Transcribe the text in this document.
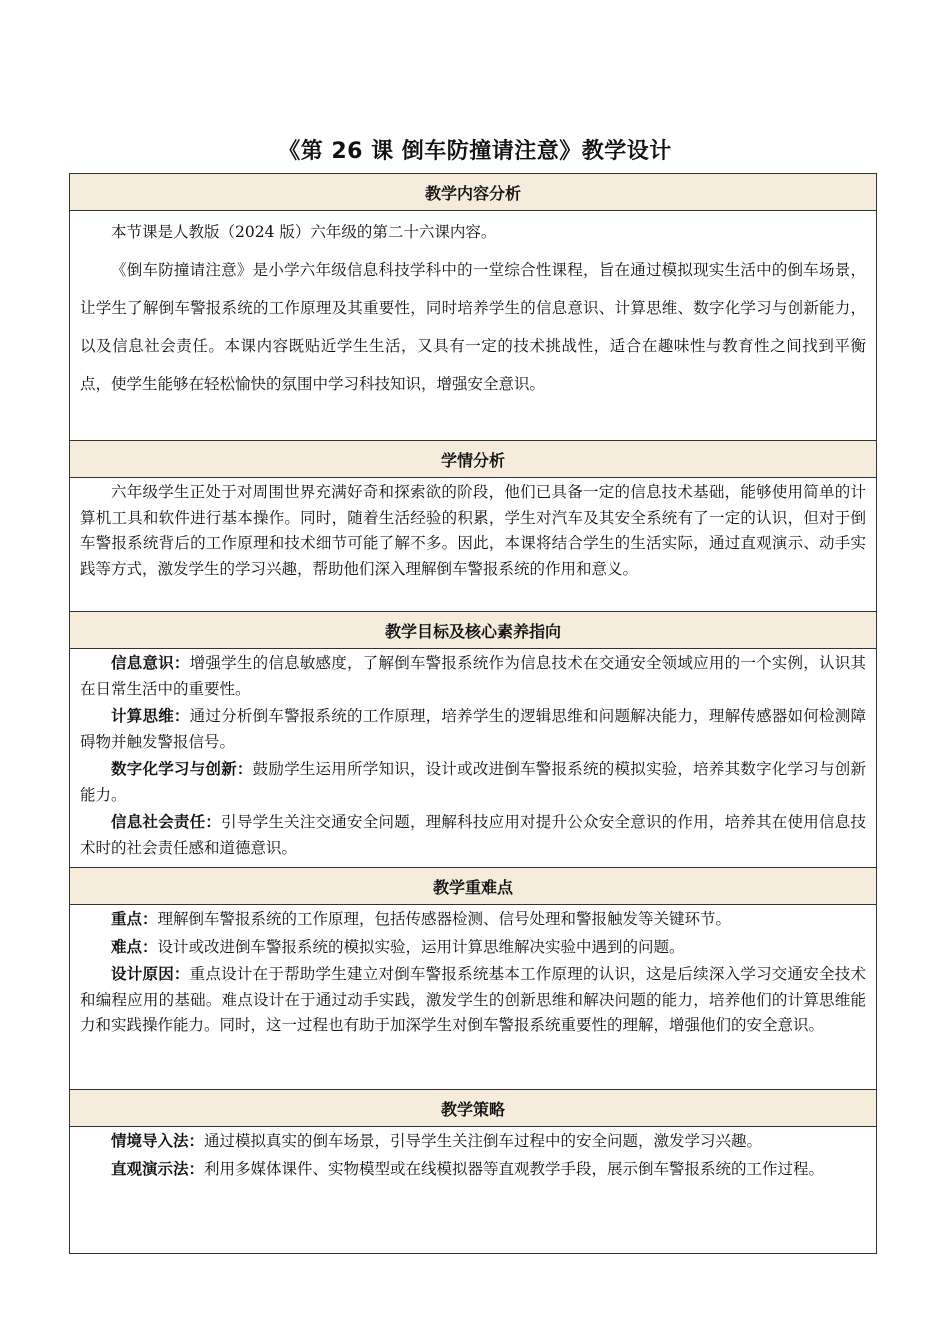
《第 26 课 倒车防撞请注意》教学设计
教学内容分析

本节课是人教版（2024 版）六年级的第二十六课内容。

《倒车防撞请注意》是小学六年级信息科技学科中的一堂综合性课程，旨在通过模拟现实生活中的倒车场景，让学生了解倒车警报系统的工作原理及其重要性，同时培养学生的信息意识、计算思维、数字化学习与创新能力，以及信息社会责任。本课内容既贴近学生生活，又具有一定的技术挑战性，适合在趣味性与教育性之间找到平衡点，使学生能够在轻松愉快的氛围中学习科技知识，增强安全意识。

学情分析

六年级学生正处于对周围世界充满好奇和探索欲的阶段，他们已具备一定的信息技术基础，能够使用简单的计算机工具和软件进行基本操作。同时，随着生活经验的积累，学生对汽车及其安全系统有了一定的认识，但对于倒车警报系统背后的工作原理和技术细节可能了解不多。因此，本课将结合学生的生活实际，通过直观演示、动手实践等方式，激发学生的学习兴趣，帮助他们深入理解倒车警报系统的作用和意义。

教学目标及核心素养指向

信息意识：增强学生的信息敏感度，了解倒车警报系统作为信息技术在交通安全领域应用的一个实例，认识其在日常生活中的重要性。

计算思维：通过分析倒车警报系统的工作原理，培养学生的逻辑思维和问题解决能力，理解传感器如何检测障碍物并触发警报信号。

数字化学习与创新：鼓励学生运用所学知识，设计或改进倒车警报系统的模拟实验，培养其数字化学习与创新能力。

信息社会责任：引导学生关注交通安全问题，理解科技应用对提升公众安全意识的作用，培养其在使用信息技术时的社会责任感和道德意识。

教学重难点

重点：理解倒车警报系统的工作原理，包括传感器检测、信号处理和警报触发等关键环节。

难点：设计或改进倒车警报系统的模拟实验，运用计算思维解决实验中遇到的问题。

设计原因：重点设计在于帮助学生建立对倒车警报系统基本工作原理的认识，这是后续深入学习交通安全技术和编程应用的基础。难点设计在于通过动手实践，激发学生的创新思维和解决问题的能力，培养他们的计算思维能力和实践操作能力。同时，这一过程也有助于加深学生对倒车警报系统重要性的理解，增强他们的安全意识。

教学策略

情境导入法：通过模拟真实的倒车场景，引导学生关注倒车过程中的安全问题，激发学习兴趣。

直观演示法：利用多媒体课件、实物模型或在线模拟器等直观教学手段，展示倒车警报系统的工作过程。
